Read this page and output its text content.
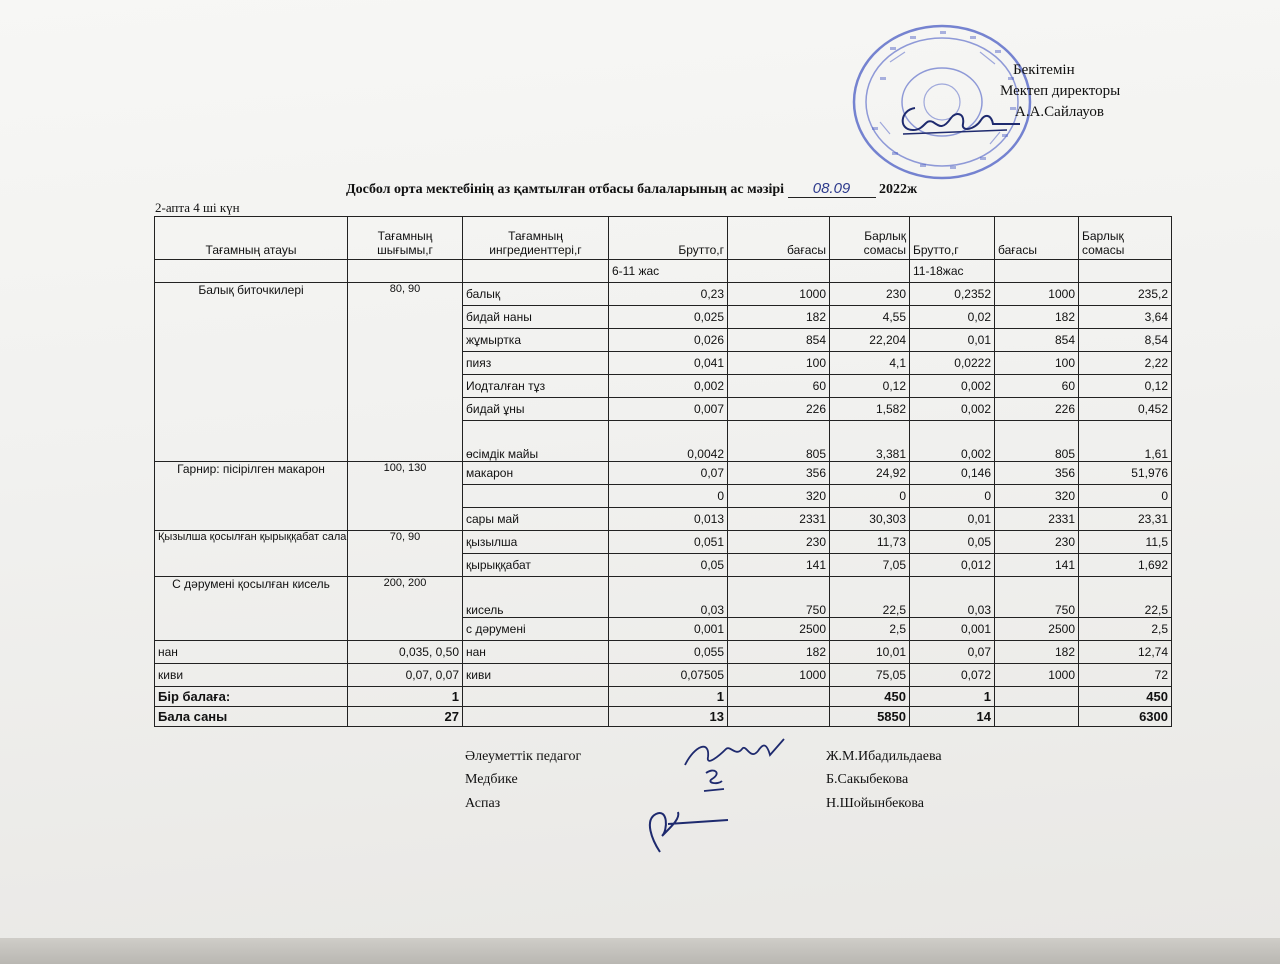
Бекітемін
Мектеп директоры
А.А.Сайлауов
Досбол орта мектебінің аз қамтылған отбасы балаларының ас мәзірі 08.09 2022ж
2-апта 4 ші күн
Тағамның атауы	Тағамның шығымы,г	Тағамның ингредиенттері,г	Брутто,г	бағасы	Барлық сомасы	Брутто,г	бағасы	Барлық сомасы
			6-11 жас			11-18жас		
Балық биточкилері	80, 90	балық	0,23	1000	230	0,2352	1000	235,2
		бидай наны	0,025	182	4,55	0,02	182	3,64
		жұмыртка	0,026	854	22,204	0,01	854	8,54
		пияз	0,041	100	4,1	0,0222	100	2,22
		Иодталған тұз	0,002	60	0,12	0,002	60	0,12
		бидай ұны	0,007	226	1,582	0,002	226	0,452
		өсімдік майы	0,0042	805	3,381	0,002	805	1,61
Гарнир: пісірілген макарон	100, 130	макарон	0,07	356	24,92	0,146	356	51,976
			0	320	0	0	320	0
		сары май	0,013	2331	30,303	0,01	2331	23,31
Қызылша қосылған қырыққабат сала	70, 90	қызылша	0,051	230	11,73	0,05	230	11,5
		қырыққабат	0,05	141	7,05	0,012	141	1,692
С дәрумені қосылған кисель	200, 200	кисель	0,03	750	22,5	0,03	750	22,5
		с дәрумені	0,001	2500	2,5	0,001	2500	2,5
нан	0,035, 0,50	нан	0,055	182	10,01	0,07	182	12,74
киви	0,07, 0,07	киви	0,07505	1000	75,05	0,072	1000	72
Бір балаға:	1		1		450	1		450
Бала саны	27		13		5850	14		6300
Әлеуметтік педагог
Медбике
Аспаз
Ж.М.Ибадильдаева
Б.Сакыбекова
Н.Шойынбекова
